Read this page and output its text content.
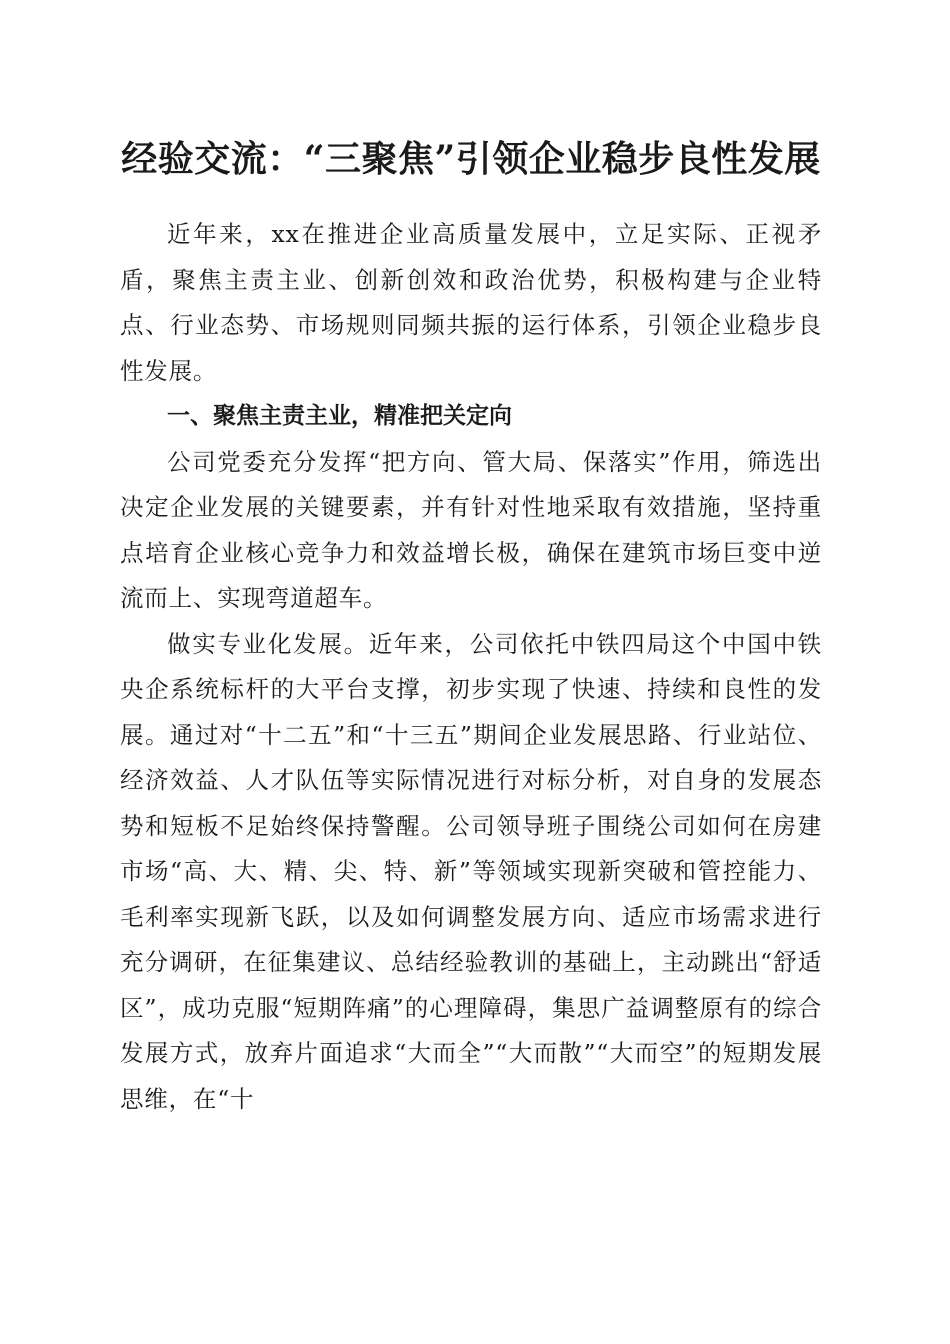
经验交流：“三聚焦”引领企业稳步良性发展

近年来，xx在推进企业高质量发展中，立足实际、正视矛盾，聚焦主责主业、创新创效和政治优势，积极构建与企业特点、行业态势、市场规则同频共振的运行体系，引领企业稳步良性发展。

一、聚焦主责主业，精准把关定向

公司党委充分发挥“把方向、管大局、保落实”作用，筛选出决定企业发展的关键要素，并有针对性地采取有效措施，坚持重点培育企业核心竞争力和效益增长极，确保在建筑市场巨变中逆流而上、实现弯道超车。

做实专业化发展。近年来，公司依托中铁四局这个中国中铁央企系统标杆的大平台支撑，初步实现了快速、持续和良性的发展。通过对“十二五”和“十三五”期间企业发展思路、行业站位、经济效益、人才队伍等实际情况进行对标分析，对自身的发展态势和短板不足始终保持警醒。公司领导班子围绕公司如何在房建市场“高、大、精、尖、特、新”等领域实现新突破和管控能力、毛利率实现新飞跃，以及如何调整发展方向、适应市场需求进行充分调研，在征集建议、总结经验教训的基础上，主动跳出“舒适区”，成功克服“短期阵痛”的心理障碍，集思广益调整原有的综合发展方式，放弃片面追求“大而全”“大而散”“大而空”的短期发展思维，在“十
